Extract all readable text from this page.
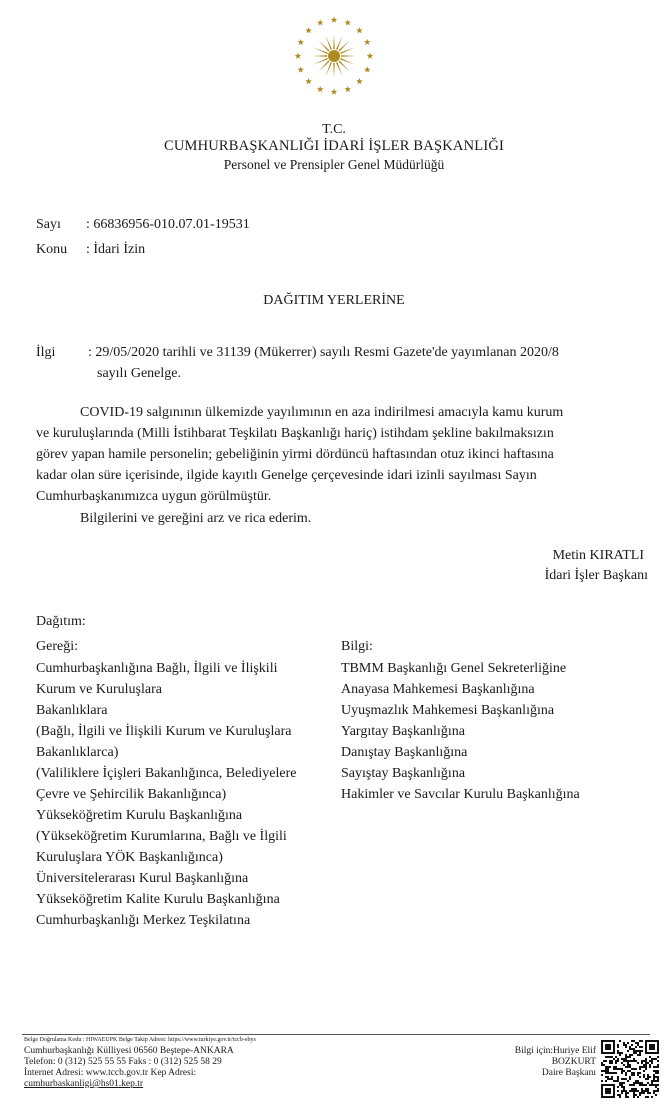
T.C.
CUMHURBAŞKANLIĞI İDARİ İŞLER BAŞKANLIĞI
Personel ve Prensipler Genel Müdürlüğü
Sayı : 66836956-010.07.01-19531
Konu : İdari İzin
DAĞITIM YERLERİNE
İlgi : 29/05/2020 tarihli ve 31139 (Mükerrer) sayılı Resmi Gazete'de yayımlanan 2020/8
sayılı Genelge.
COVID-19 salgınının ülkemizde yayılımının en aza indirilmesi amacıyla kamu kurum
ve kuruluşlarında (Milli İstihbarat Teşkilatı Başkanlığı hariç) istihdam şekline bakılmaksızın
görev yapan hamile personelin; gebeliğinin yirmi dördüncü haftasından otuz ikinci haftasına
kadar olan süre içerisinde, ilgide kayıtlı Genelge çerçevesinde idari izinli sayılması Sayın
Cumhurbaşkanımızca uygun görülmüştür.
Bilgilerini ve gereğini arz ve rica ederim.
Metin KIRATLI
İdari İşler Başkanı
Dağıtım:
Gereği:	Bilgi:
Cumhurbaşkanlığına Bağlı, İlgili ve İlişkili
Kurum ve Kuruluşlara
Bakanlıklara
(Bağlı, İlgili ve İlişkili Kurum ve Kuruluşlara
Bakanlıklarca)
(Valiliklere İçişleri Bakanlığınca, Belediyelere
Çevre ve Şehircilik Bakanlığınca)
Yükseköğretim Kurulu Başkanlığına
(Yükseköğretim Kurumlarına, Bağlı ve İlgili
Kuruluşlara YÖK Başkanlığınca)
Üniversitelerarası Kurul Başkanlığına
Yükseköğretim Kalite Kurulu Başkanlığına
Cumhurbaşkanlığı Merkez Teşkilatına
TBMM Başkanlığı Genel Sekreterliğine
Anayasa Mahkemesi Başkanlığına
Uyuşmazlık Mahkemesi Başkanlığına
Yargıtay Başkanlığına
Danıştay Başkanlığına
Sayıştay Başkanlığına
Hakimler ve Savcılar Kurulu Başkanlığına
Belge Doğrulama Kodu : HIWAEUPK Belge Takip Adresi: https://www.turkiye.gov.tr/tccb-ebys
Cumhurbaşkanlığı Külliyesi 06560 Beştepe-ANKARA
Telefon: 0 (312) 525 55 55 Faks : 0 (312) 525 58 29
İnternet Adresi: www.tccb.gov.tr Kep Adresi:
cumhurbaskanligi@hs01.kep.tr
Bilgi için:Huriye Elif
BOZKURT
Daire Başkanı
